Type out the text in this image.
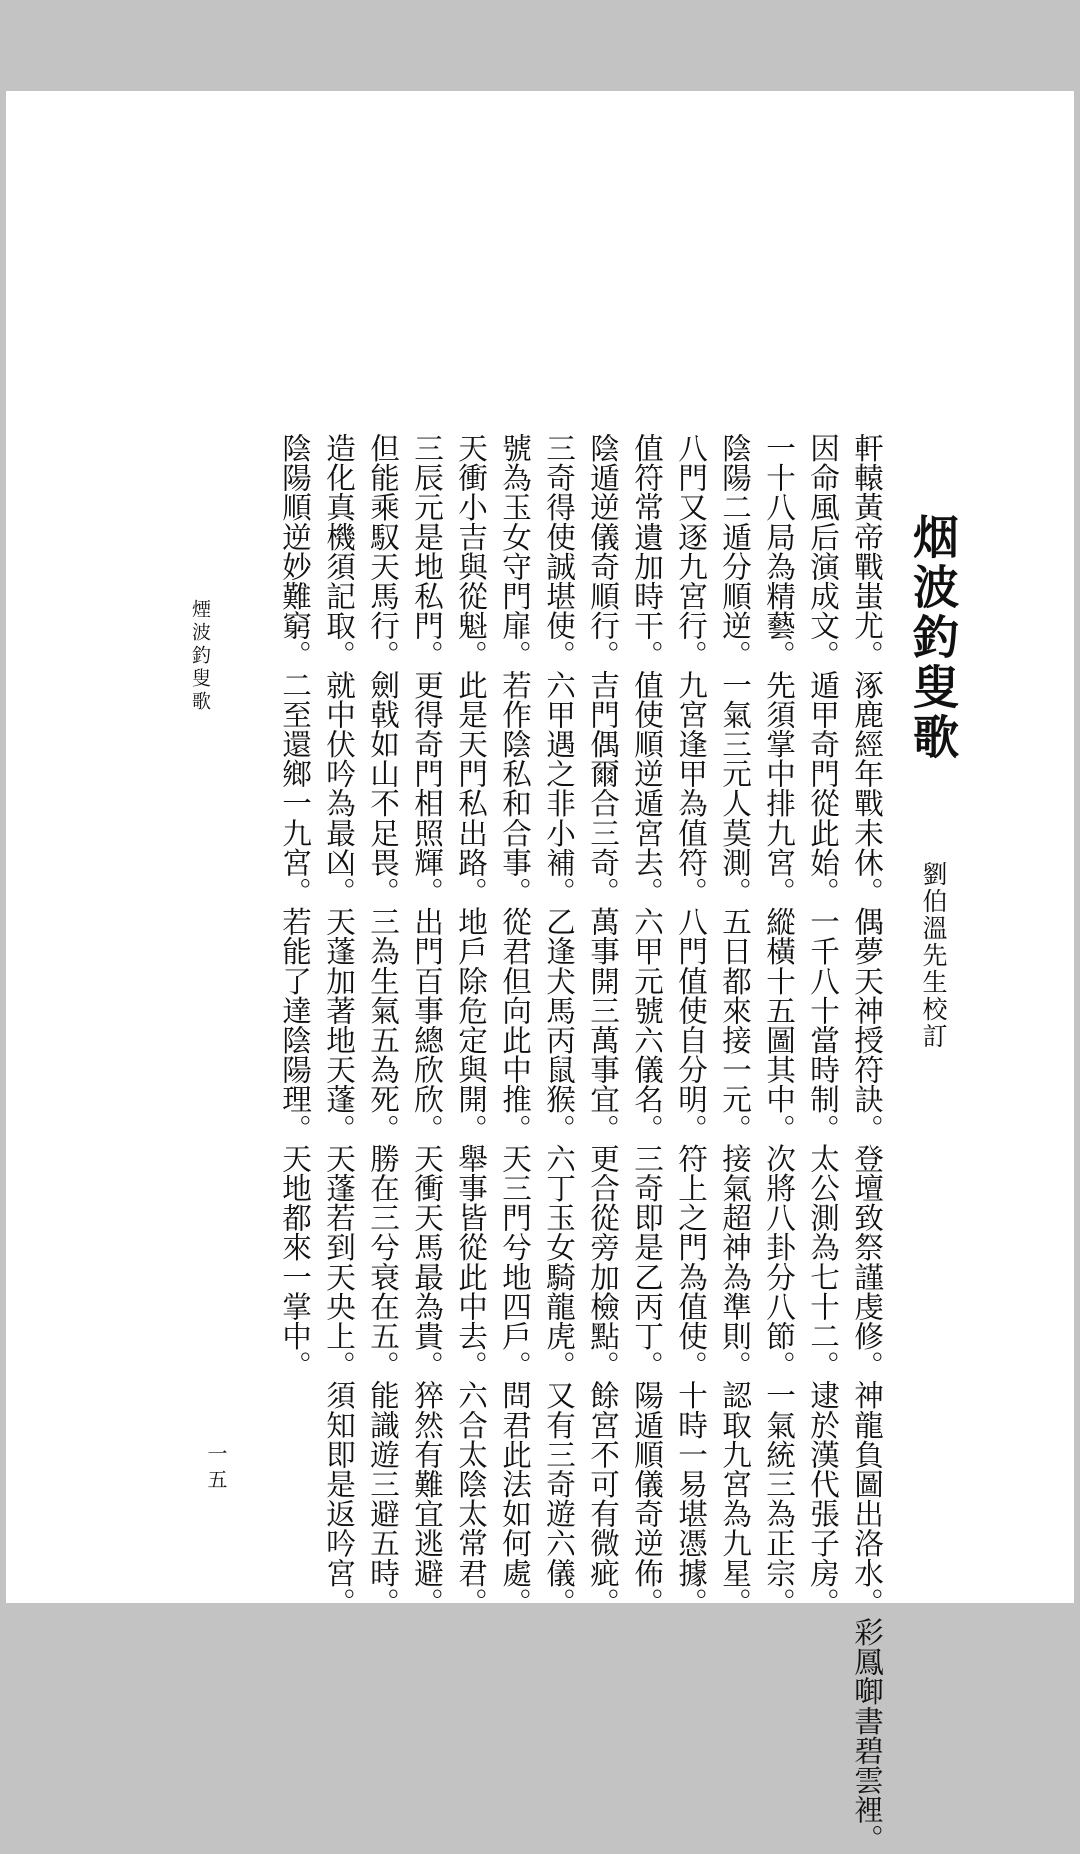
烟波釣叟歌
劉伯溫先生校訂
軒轅黃帝戰蚩尤。涿鹿經年戰未休。偶夢天神授符訣。登壇致祭謹虔修。神龍負圖出洛水。彩鳳啣書碧雲裡。
因命風后演成文。遁甲奇門從此始。一千八十當時制。太公測為七十二。逮於漢代張子房。
一十八局為精藝。先須掌中排九宮。縱橫十五圖其中。次將八卦分八節。一氣統三為正宗。
陰陽二遁分順逆。一氣三元人莫測。五日都來接一元。接氣超神為準則。認取九宮為九星。
八門又逐九宮行。九宮逢甲為值符。八門值使自分明。符上之門為值使。十時一易堪憑據。
值符常遺加時干。值使順逆遁宮去。六甲元號六儀名。三奇即是乙丙丁。陽遁順儀奇逆佈。
陰遁逆儀奇順行。吉門偶爾合三奇。萬事開三萬事宜。更合從旁加檢點。餘宮不可有微疵。
三奇得使誠堪使。六甲遇之非小補。乙逢犬馬丙鼠猴。六丁玉女騎龍虎。又有三奇遊六儀。
號為玉女守門扉。若作陰私和合事。從君但向此中推。天三門兮地四戶。問君此法如何處。
天衝小吉與從魁。此是天門私出路。地戶除危定與開。舉事皆從此中去。六合太陰太常君。
三辰元是地私門。更得奇門相照輝。出門百事總欣欣。天衝天馬最為貴。猝然有難宜逃避。
但能乘馭天馬行。劍戟如山不足畏。三為生氣五為死。勝在三兮衰在五。能識遊三避五時。
造化真機須記取。就中伏吟為最凶。天蓬加著地天蓬。天蓬若到天央上。須知即是返吟宮。
陰陽順逆妙難窮。二至還鄉一九宮。若能了達陰陽理。天地都來一掌中。
煙波釣叟歌
一五
